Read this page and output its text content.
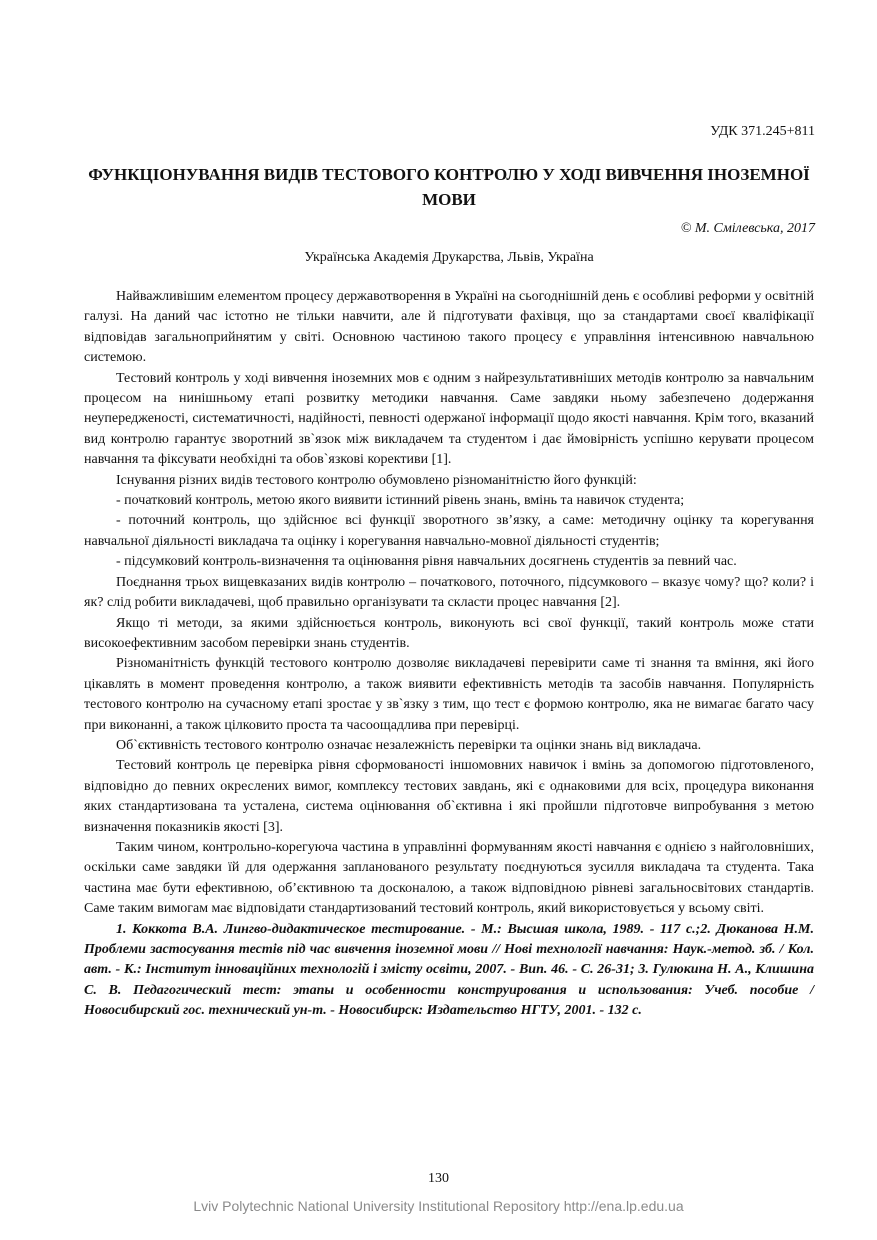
УДК 371.245+811
ФУНКЦІОНУВАННЯ ВИДІВ ТЕСТОВОГО КОНТРОЛЮ У ХОДІ ВИВЧЕННЯ ІНОЗЕМНОЇ МОВИ
© М. Смілевська, 2017
Українська Академія Друкарства, Львів, Україна

Найважливішим елементом процесу державотворення в Україні на сьогоднішній день є особливі реформи у освітній галузі. На даний час істотно не тільки навчити, але й підготувати фахівця, що за стандартами своєї кваліфікації відповідав загальноприйнятим у світі. Основною частиною такого процесу є управління інтенсивною навчальною системою.

Тестовий контроль у ході вивчення іноземних мов є одним з найрезультативніших методів контролю за навчальним процесом на нинішньому етапі розвитку методики навчання. Саме завдяки ньому забезпечено додержання неупередженості, систематичності, надійності, певності одержаної інформації щодо якості навчання. Крім того, вказаний вид контролю гарантує зворотний зв`язок між викладачем та студентом і дає ймовірність успішно керувати процесом навчання та фіксувати необхідні та обов`язкові корективи [1].

Існування різних видів тестового контролю обумовлено різноманітністю його функцій:

- початковий контроль, метою якого виявити істинний рівень знань, вмінь та навичок студента;

- поточний контроль, що здійснює всі функції зворотного зв’язку, а саме: методичну оцінку та корегування навчальної діяльності викладача та оцінку і корегування навчально-мовної діяльності студентів;

- підсумковий контроль-визначення та оцінювання рівня навчальних досягнень студентів за певний час.

Поєднання трьох вищевказаних видів контролю – початкового, поточного, підсумкового – вказує чому? що? коли? і як? слід робити викладачеві, щоб правильно організувати та скласти процес навчання [2].

Якщо ті методи, за якими здійснюється контроль, виконують всі свої функції, такий контроль може стати високоефективним засобом перевірки знань студентів.

Різноманітність функцій тестового контролю дозволяє викладачеві перевірити саме ті знання та вміння, які його цікавлять в момент проведення контролю, а також виявити ефективність методів та засобів навчання. Популярність тестового контролю на сучасному етапі зростає у зв`язку з тим, що тест є формою контролю, яка не вимагає багато часу при виконанні, а також цілковито проста та часоощадлива при перевірці.

Об`єктивність тестового контролю означає незалежність перевірки та оцінки знань від викладача.

Тестовий контроль це перевірка рівня сформованості іншомовних навичок і вмінь за допомогою підготовленого, відповідно до певних окреслених вимог, комплексу тестових завдань, які є однаковими для всіх, процедура виконання яких стандартизована та усталена, система оцінювання об`єктивна і які пройшли підготовче випробування з метою визначення показників якості [3].

Таким чином, контрольно-корегуюча частина в управлінні формуванням якості навчання є однією з найголовніших, оскільки саме завдяки їй для одержання запланованого результату поєднуються зусилля викладача та студента. Така частина має бути ефективною, об’єктивною та досконалою, а також відповідною рівневі загальносвітових стандартів. Саме таким вимогам має відповідати стандартизований тестовий контроль, який використовується у всьому світі.

1. Коккота В.А. Лингво-дидактическое тестирование. - М.: Высшая школа, 1989. - 117 с.;2. Дюканова Н.М. Проблеми застосування тестів під час вивчення іноземної мови // Нові технології навчання: Наук.-метод. зб. / Кол. авт. - К.: Інститут інноваційних технологій і змісту освіти, 2007. - Вип. 46. - С. 26-31; 3. Гулюкина Н. А., Клишина С. В. Педагогический тест: этапы и особенности конструирования и использования: Учеб. пособие / Новосибирский гос. технический ун-т. - Новосибирск: Издательство НГТУ, 2001. - 132 с.

130
Lviv Polytechnic National University Institutional Repository http://ena.lp.edu.ua
